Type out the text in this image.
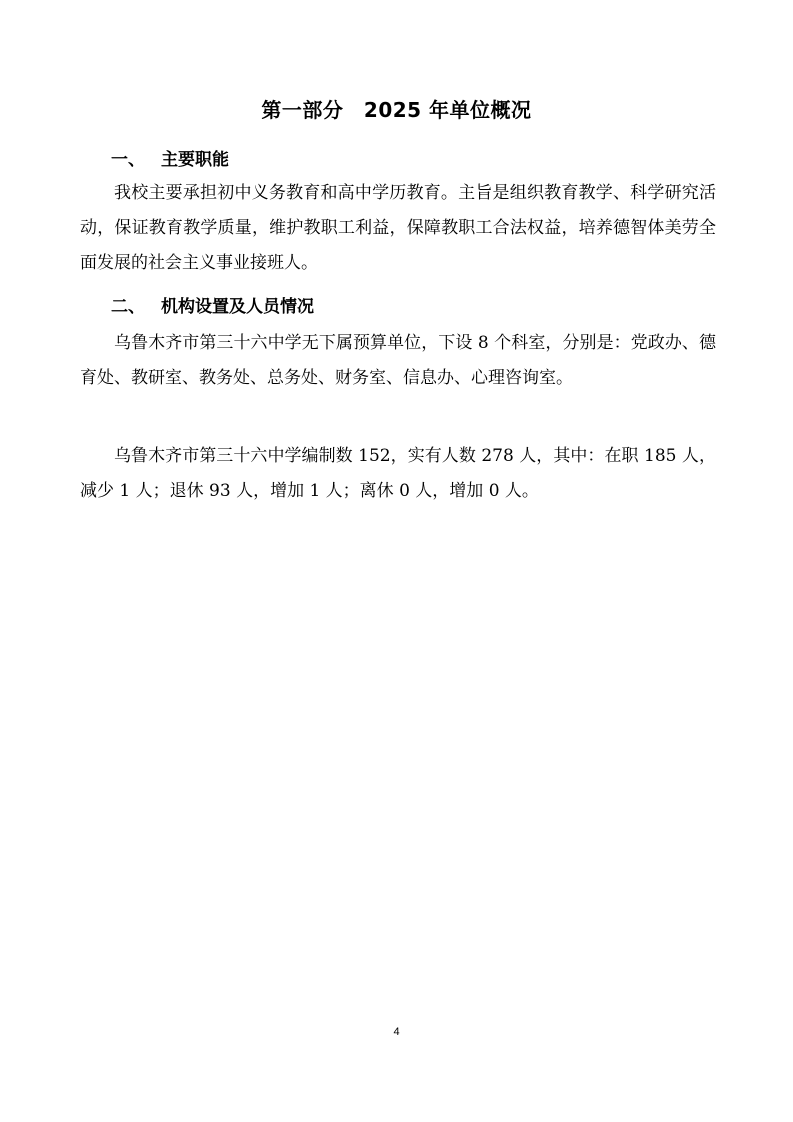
第一部分　2025 年单位概况
一、 主要职能

我校主要承担初中义务教育和高中学历教育。主旨是组织教育教学、科学研究活动，保证教育教学质量，维护教职工利益，保障教职工合法权益，培养德智体美劳全面发展的社会主义事业接班人。

二、 机构设置及人员情况

乌鲁木齐市第三十六中学无下属预算单位，下设 8 个科室，分别是：党政办、德育处、教研室、教务处、总务处、财务室、信息办、心理咨询室。

乌鲁木齐市第三十六中学编制数 152，实有人数 278 人，其中：在职 185 人，减少 1 人；退休 93 人，增加 1 人；离休 0 人，增加 0 人。

4
